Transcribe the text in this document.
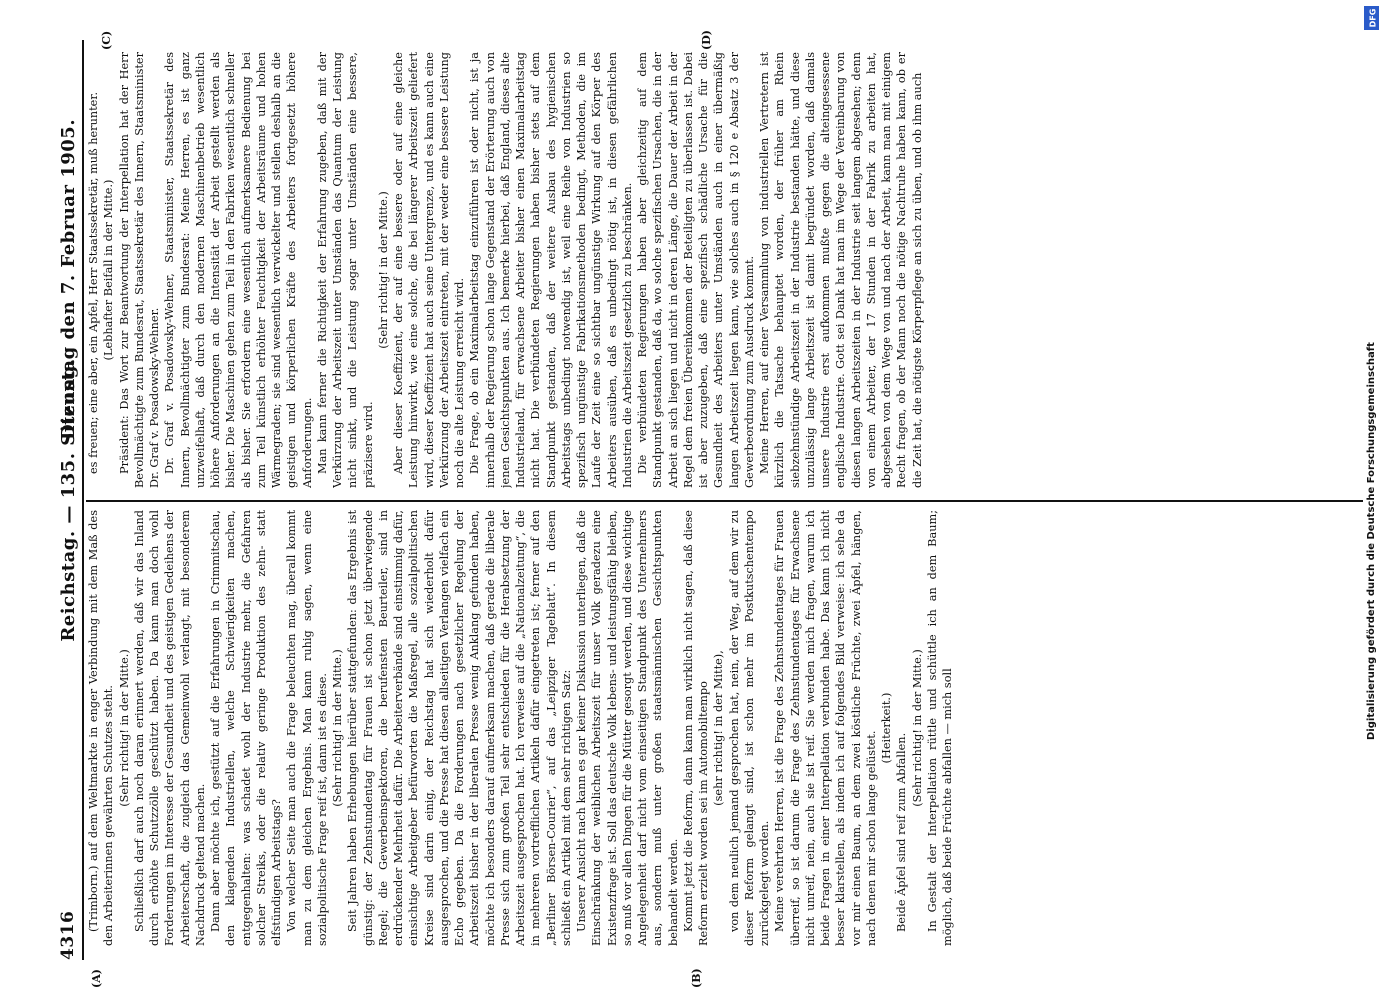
4316
Reichstag. — 135. Sitzung.
Dienstag den 7. Februar 1905.
(A)	(B)
(C)	(D)

(Trimborn.) auf dem Weltmarkte in enger Verbindung mit dem Maß des den Arbeiterinnen gewährten Schutzes steht. (Sehr richtig! in der Mitte.) Schließlich darf auch noch daran erinnert werden, daß wir das Inland durch erhöhte Schutzzölle geschützt haben. Da kann man doch wohl Forderungen im Interesse der Gesundheit und des geistigen Gedeihens der Arbeiterschaft, die zugleich das Gemeinwohl verlangt, mit besonderem Nachdruck geltend machen. Dann aber möchte ich, gestützt auf die Erfahrungen in Crimmitschau, den klagenden Industriellen, welche Schwierigkeiten machen, entgegenhalten: was schadet wohl der Industrie mehr, die Gefahren solcher Streiks, oder die relativ geringe Produktion des zehn- statt elfstündigen Arbeitstags? Von welcher Seite man auch die Frage beleuchten mag, überall kommt man zu dem gleichen Ergebnis. Man kann ruhig sagen, wenn eine sozialpolitische Frage reif ist, dann ist es diese. (Sehr richtig! in der Mitte.) Seit Jahren haben Erhebungen hierüber stattgefunden: das Ergebnis ist günstig: der Zehnstundentag für Frauen ist schon jetzt überwiegende Regel; die Gewerbeinspektoren, die berufensten Beurteiler, sind in erdrückender Mehrheit dafür. Die Arbeiterverbände sind einstimmig dafür, einsichtige Arbeitgeber befürworten die Maßregel, alle sozialpolitischen Kreise sind darin einig, der Reichstag hat sich wiederholt dafür ausgesprochen, und die Presse hat diesen allseitigen Verlangen vielfach ein Echo gegeben. Da die Forderungen nach gesetzlicher Regelung der Arbeitszeit bisher in der liberalen Presse wenig Anklang gefunden haben, möchte ich besonders darauf aufmerksam machen, daß gerade die liberale Presse sich zum großen Teil sehr entschieden für die Herabsetzung der Arbeitszeit ausgesprochen hat. Ich verweise auf die „Nationalzeitung“, die in mehreren vortrefflichen Artikeln dafür eingetreten ist; ferner auf den „Berliner Börsen-Courier“, auf das „Leipziger Tageblatt“. In diesem schließt ein Artikel mit dem sehr richtigen Satz: Unserer Ansicht nach kann es gar keiner Diskussion unterliegen, daß die Einschränkung der weiblichen Arbeitszeit für unser Volk geradezu eine Existenzfrage ist. Soll das deutsche Volk lebens- und leistungsfähig bleiben, so muß vor allen Dingen für die Mütter gesorgt werden, und diese wichtige Angelegenheit darf nicht vom einseitigen Standpunkt des Unternehmers aus, sondern muß unter großen staatsmännischen Gesichtspunkten behandelt werden. Kommt jetzt die Reform, dann kann man wirklich nicht sagen, daß diese Reform erzielt worden sei im Automobiltempo (sehr richtig! in der Mitte), von dem neulich jemand gesprochen hat, nein, der Weg, auf dem wir zu dieser Reform gelangt sind, ist schon mehr im Postkutschentempo zurückgelegt worden. Meine verehrten Herren, ist die Frage des Zehnstundentages für Frauen überreif, so ist darum die Frage des Zehnstundentages für Erwachsene nicht unreif, nein, auch sie ist reif. Sie werden mich fragen, warum ich beide Fragen in einer Interpellation verbunden habe. Das kann ich nicht besser klarstellen, als indem ich auf folgendes Bild verweise: ich sehe da vor mir einen Baum, an dem zwei köstliche Früchte, zwei Äpfel, hängen, nach denen mir schon lange gelüstet.

(Heiterkeit.)

Beide Äpfel sind reif zum Abfallen.

(Sehr richtig! in der Mitte.) In Gestalt der Interpellation rüttle und schüttle ich an dem Baum; möglich, daß beide Früchte abfallen — mich soll

es freuen; eine aber, ein Apfel, Herr Staatssekretär, muß herunter. (Lebhafter Beifall in der Mitte.) Präsident: Das Wort zur Beantwortung der Interpellation hat der Herr Bevollmächtigte zum Bundesrat, Staatssekretär des Innern, Staatsminister Dr. Graf v. Posadowsky-Wehner. Dr. Graf v. Posadowsky-Wehner, Staatsminister, Staatssekretär des Innern, Bevollmächtigter zum Bundesrat: Meine Herren, es ist ganz unzweifelhaft, daß durch den modernen Maschinenbetrieb wesentlich höhere Anforderungen an die Intensität der Arbeit gestellt werden als bisher. Die Maschinen gehen zum Teil in den Fabriken wesentlich schneller als bisher. Sie erfordern eine wesentlich aufmerksamere Bedienung bei zum Teil künstlich erhöhter Feuchtigkeit der Arbeitsräume und hohen Wärmegraden; sie sind wesentlich verwickelter und stellen deshalb an die geistigen und körperlichen Kräfte des Arbeiters fortgesetzt höhere Anforderungen. Man kann ferner die Richtigkeit der Erfahrung zugeben, daß mit der Verkürzung der Arbeitszeit unter Umständen das Quantum der Leistung nicht sinkt, und die Leistung sogar unter Umständen eine bessere, präzisere wird.

(Sehr richtig! in der Mitte.) Aber dieser Koeffizient, der auf eine bessere oder auf eine gleiche Leistung hinwirkt, wie eine solche, die bei längerer Arbeitszeit geliefert wird, dieser Koeffizient hat auch seine Untergrenze, und es kann auch eine Verkürzung der Arbeitszeit eintreten, mit der weder eine bessere Leistung noch die alte Leistung erreicht wird. Die Frage, ob ein Maximalarbeitstag einzuführen ist oder nicht, ist ja innerhalb der Regierung schon lange Gegenstand der Erörterung auch von jenen Gesichtspunkten aus. Ich bemerke hierbei, daß England, dieses alte Industrieland, für erwachsene Arbeiter bisher einen Maximalarbeitstag nicht hat. Die verbündeten Regierungen haben bisher stets auf dem Standpunkt gestanden, daß der weitere Ausbau des hygienischen Arbeitstags unbedingt notwendig ist, weil eine Reihe von Industrien so spezifisch ungünstige Fabrikationsmethoden bedingt, Methoden, die im Laufe der Zeit eine so sichtbar ungünstige Wirkung auf den Körper des Arbeiters ausüben, daß es unbedingt nötig ist, in diesen gefährlichen Industrien die Arbeitszeit gesetzlich zu beschränken. Die verbündeten Regierungen haben aber gleichzeitig auf dem Standpunkt gestanden, daß da, wo solche spezifischen Ursachen, die in der Arbeit an sich liegen und nicht in deren Länge, die Dauer der Arbeit in der Regel dem freien Übereinkommen der Beteiligten zu überlassen ist. Dabei ist aber zuzugeben, daß eine spezifisch schädliche Ursache für die Gesundheit des Arbeiters unter Umständen auch in einer übermäßig langen Arbeitszeit liegen kann, wie solches auch in § 120 e Absatz 3 der Gewerbeordnung zum Ausdruck kommt. Meine Herren, auf einer Versammlung von industriellen Vertretern ist kürzlich die Tatsache behauptet worden, der früher am Rhein siebzehnstündige Arbeitszeit in der Industrie bestanden hätte, und diese unzulässig lange Arbeitszeit ist damit begründet worden, daß damals unsere Industrie erst aufkommen mußte gegen die alteingesessene englische Industrie. Gott sei Dank hat man im Wege der Vereinbarung von diesen langen Arbeitszeiten in der Industrie seit langem abgesehen; denn von einem Arbeiter, der 17 Stunden in der Fabrik zu arbeiten hat, abgesehen von dem Wege von und nach der Arbeit, kann man mit einigem Recht fragen, ob der Mann noch die nötige Nachtruhe haben kann, ob er die Zeit hat, die nötigste Körperpflege an sich zu üben, und ob ihm auch

DFG
Digitalisierung gefördert durch die Deutsche Forschungsgemeinschaft
